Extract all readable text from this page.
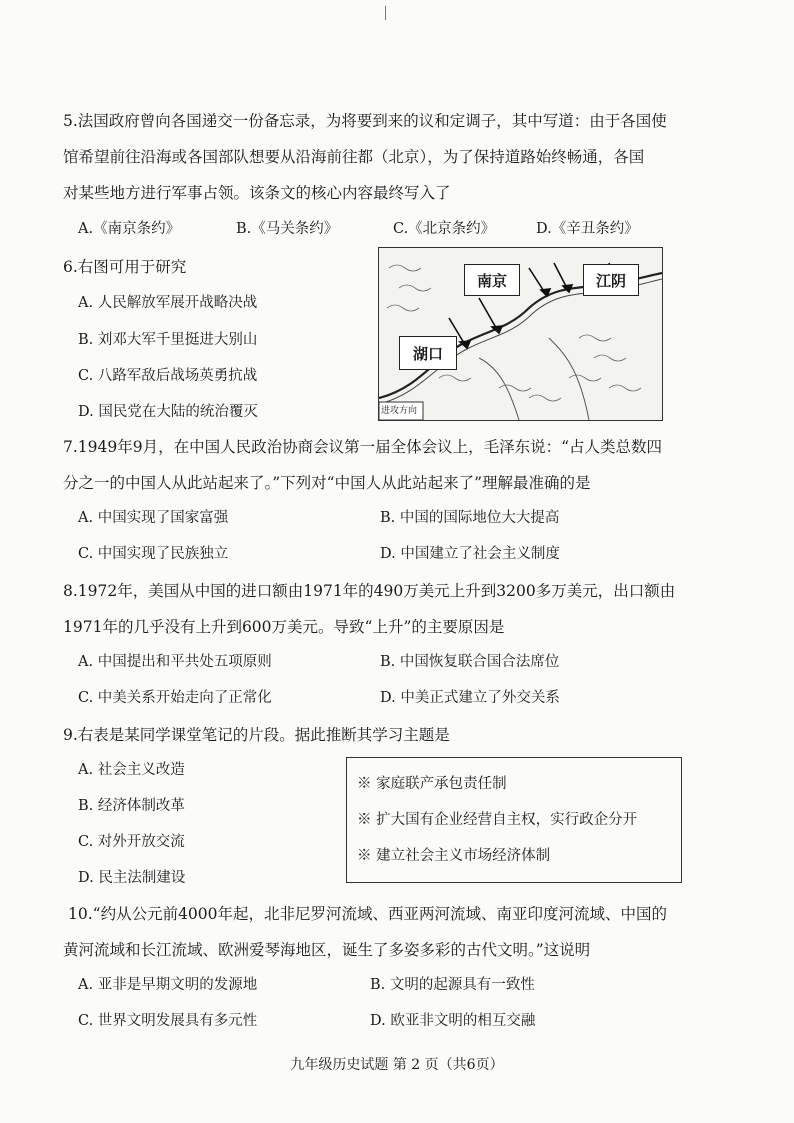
5.法国政府曾向各国递交一份备忘录，为将要到来的议和定调子，其中写道：由于各国使
馆希望前往沿海或各国部队想要从沿海前往都（北京），为了保持道路始终畅通，各国
对某些地方进行军事占领。该条文的核心内容最终写入了
A.《南京条约》	B.《马关条约》	C.《北京条约》	D.《辛丑条约》
6.右图可用于研究
A. 人民解放军展开战略决战
B. 刘邓大军千里挺进大别山
C. 八路军敌后战场英勇抗战
D. 国民党在大陆的统治覆灭
南京	江阴
湖口
进攻方向
7.1949年9月，在中国人民政治协商会议第一届全体会议上，毛泽东说：“占人类总数四
分之一的中国人从此站起来了。”下列对“中国人从此站起来了”理解最准确的是
A. 中国实现了国家富强	B. 中国的国际地位大大提高
C. 中国实现了民族独立	D. 中国建立了社会主义制度
8.1972年，美国从中国的进口额由1971年的490万美元上升到3200多万美元，出口额由
1971年的几乎没有上升到600万美元。导致“上升”的主要原因是
A. 中国提出和平共处五项原则	B. 中国恢复联合国合法席位
C. 中美关系开始走向了正常化	D. 中美正式建立了外交关系
9.右表是某同学课堂笔记的片段。据此推断其学习主题是
A. 社会主义改造
B. 经济体制改革
C. 对外开放交流
D. 民主法制建设
※ 家庭联产承包责任制
※ 扩大国有企业经营自主权，实行政企分开
※ 建立社会主义市场经济体制
10.“约从公元前4000年起，北非尼罗河流域、西亚两河流域、南亚印度河流域、中国的
黄河流域和长江流域、欧洲爱琴海地区，诞生了多姿多彩的古代文明。”这说明
A. 亚非是早期文明的发源地	B. 文明的起源具有一致性
C. 世界文明发展具有多元性	D. 欧亚非文明的相互交融
九年级历史试题 第 2 页（共6页）
